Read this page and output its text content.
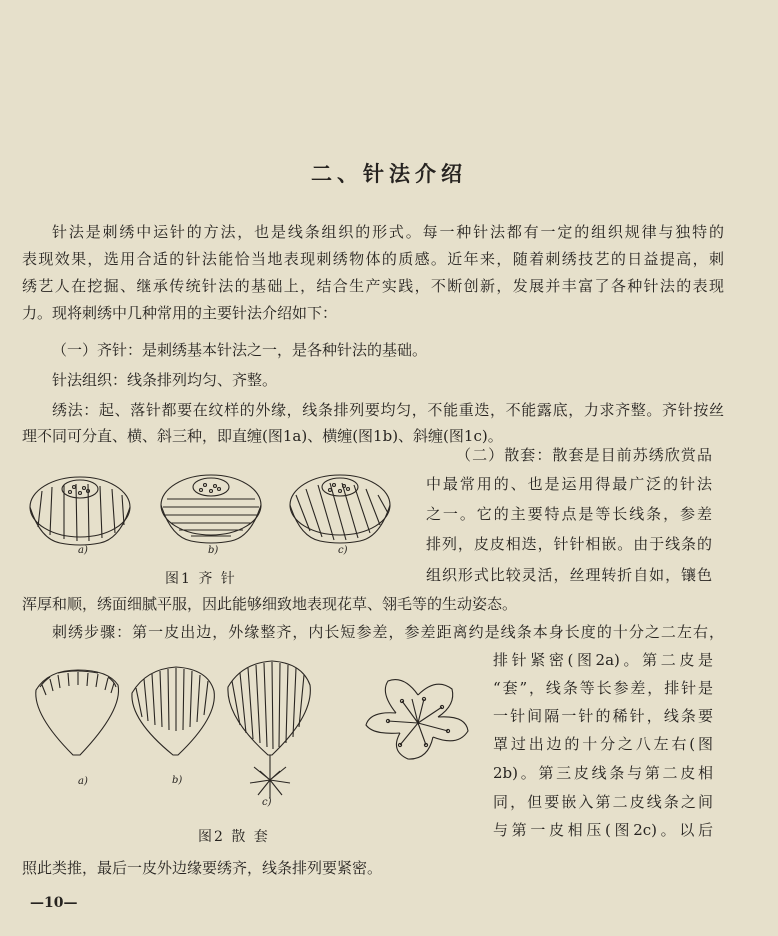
二、针法介绍
针法是刺绣中运针的方法，也是线条组织的形式。每一种针法都有一定的组织规律与独特的
表现效果，选用合适的针法能恰当地表现刺绣物体的质感。近年来，随着刺绣技艺的日益提高，刺
绣艺人在挖掘、继承传统针法的基础上，结合生产实践，不断创新，发展并丰富了各种针法的表现
力。现将刺绣中几种常用的主要针法介绍如下：
（一）齐针：是刺绣基本针法之一，是各种针法的基础。
针法组织：线条排列均匀、齐整。
绣法：起、落针都要在纹样的外缘，线条排列要均匀，不能重迭，不能露底，力求齐整。齐针按丝
理不同可分直、横、斜三种，即直缠(图1a)、横缠(图1b)、斜缠(图1c)。
a)	b)	c)
图1 齐 针
（二）散套：散套是目前苏绣欣赏品
中最常用的、也是运用得最广泛的针法
之一。它的主要特点是等长线条，参差
排列，皮皮相迭，针针相嵌。由于线条的
组织形式比较灵活，丝理转折自如，镶色
浑厚和顺，绣面细腻平服，因此能够细致地表现花草、翎毛等的生动姿态。
刺绣步骤：第一皮出边，外缘整齐，内长短参差，参差距离约是线条本身长度的十分之二左右，
a)	b)
c)
图2 散 套
排针紧密(图2a)。第二皮是
“套”，线条等长参差，排针是
一针间隔一针的稀针，线条要
罩过出边的十分之八左右(图
2b)。第三皮线条与第二皮相
同，但要嵌入第二皮线条之间
与第一皮相压(图2c)。以后
照此类推，最后一皮外边缘要绣齐，线条排列要紧密。
—10—
